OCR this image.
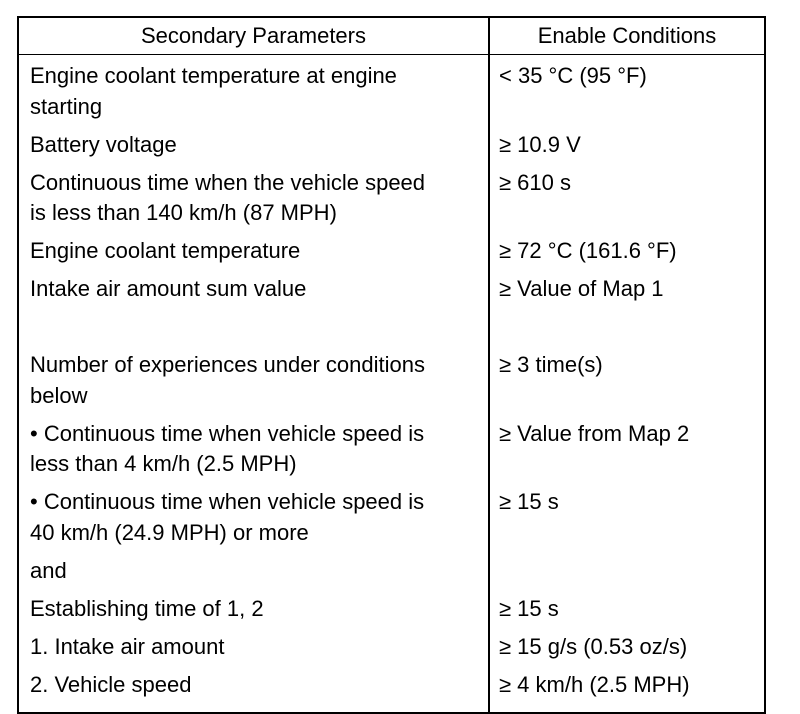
Secondary Parameters	Enable Conditions
Engine coolant temperature at engine
starting
Battery voltage
Continuous time when the vehicle speed
is less than 140 km/h (87 MPH)
Engine coolant temperature
Intake air amount sum value
Number of experiences under conditions
below
• Continuous time when vehicle speed is
less than 4 km/h (2.5 MPH)
• Continuous time when vehicle speed is
40 km/h (24.9 MPH) or more
and
Establishing time of 1, 2
1. Intake air amount
2. Vehicle speed
< 35 °C (95 °F)
≥ 10.9 V
≥ 610 s
≥ 72 °C (161.6 °F)
≥ Value of Map 1
≥ 3 time(s)
≥ Value from Map 2
≥ 15 s
≥ 15 s
≥ 15 g/s (0.53 oz/s)
≥ 4 km/h (2.5 MPH)
